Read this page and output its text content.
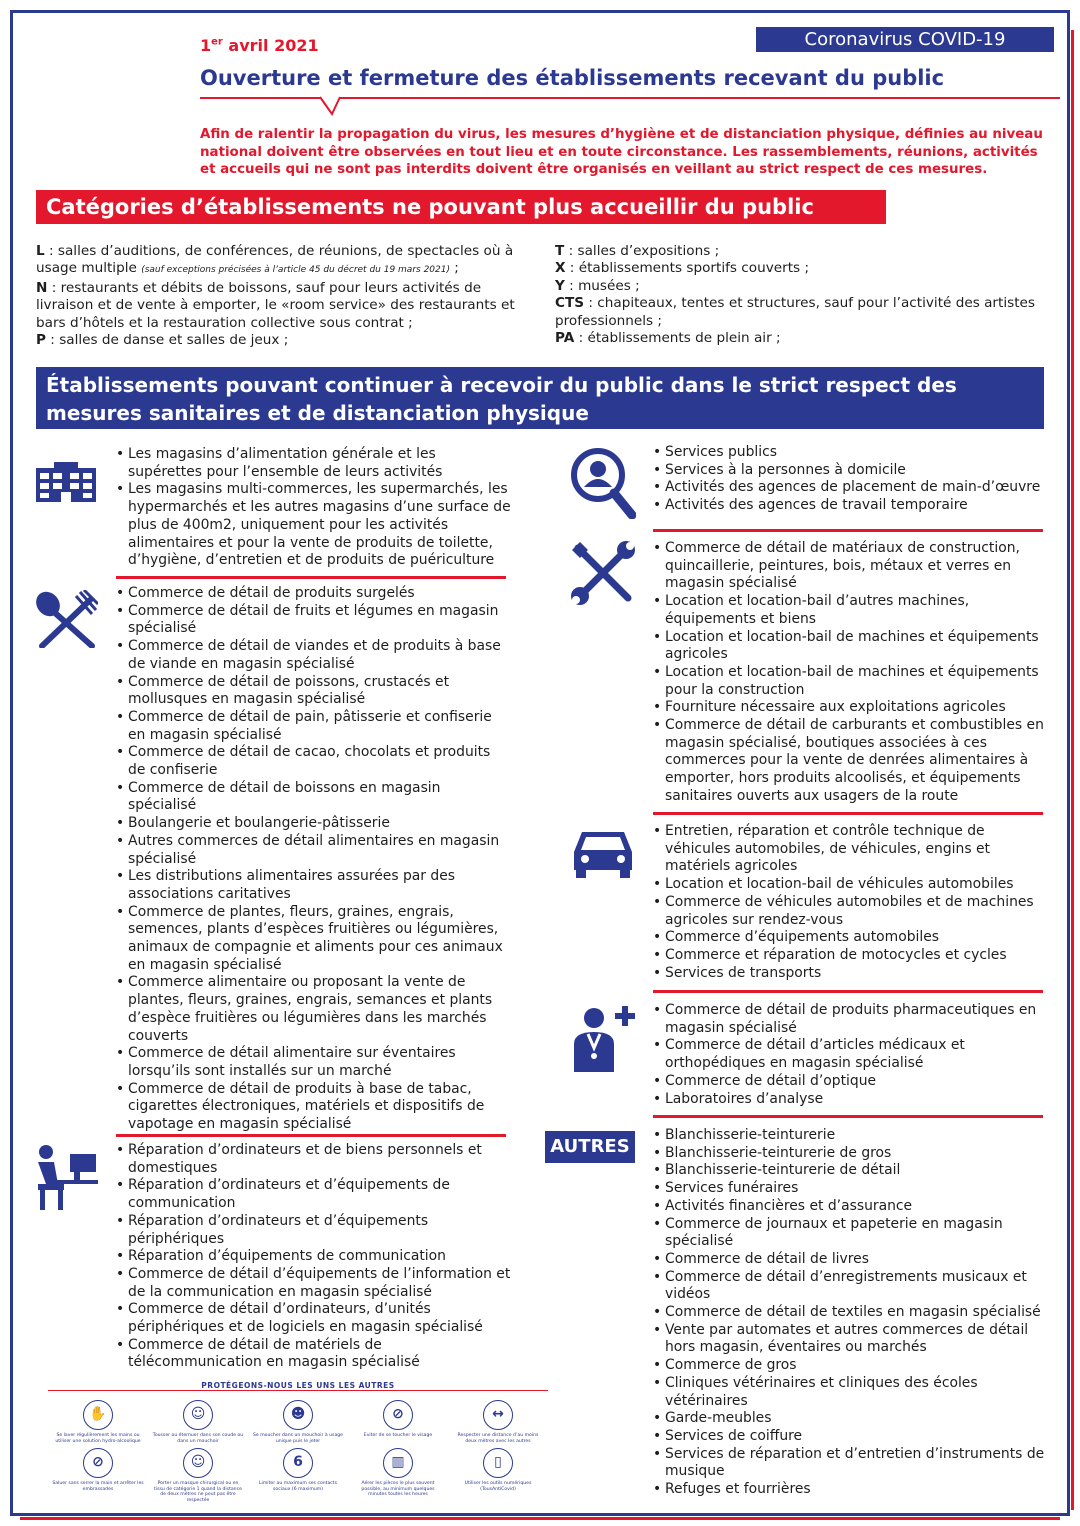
Coronavirus COVID-19
1er avril 2021
Ouverture et fermeture des établissements recevant du public
Afin de ralentir la propagation du virus, les mesures d’hygiène et de distanciation physique, définies au niveau national doivent être observées en tout lieu et en toute circonstance. Les rassemblements, réunions, activités et accueils qui ne sont pas interdits doivent être organisés en veillant au strict respect de ces mesures.
Catégories d’établissements ne pouvant plus accueillir du public
L : salles d’auditions, de conférences, de réunions, de spectacles où à usage multiple (sauf exceptions précisées à l’article 45 du décret du 19 mars 2021) ;
N : restaurants et débits de boissons, sauf pour leurs activités de livraison et de vente à emporter, le «room service» des restaurants et bars d’hôtels et la restauration collective sous contrat ;
P : salles de danse et salles de jeux ;
T : salles d’expositions ;
X : établissements sportifs couverts ;
Y : musées ;
CTS : chapiteaux, tentes et structures, sauf pour l’activité des artistes professionnels ;
PA : établissements de plein air ;
Établissements pouvant continuer à recevoir du public dans le strict respect des mesures sanitaires et de distanciation physique
• Les magasins d’alimentation générale et les supérettes pour l’ensemble de leurs activités
• Les magasins multi-commerces, les supermarchés, les hypermarchés et les autres magasins d’une surface de plus de 400m2, uniquement pour les activités alimentaires et pour la vente de produits de toilette, d’hygiène, d’entretien et de produits de puériculture
• Commerce de détail de produits surgelés
• Commerce de détail de fruits et légumes en magasin spécialisé
• Commerce de détail de viandes et de produits à base de viande en magasin spécialisé
• Commerce de détail de poissons, crustacés et mollusques en magasin spécialisé
• Commerce de détail de pain, pâtisserie et confiserie en magasin spécialisé
• Commerce de détail de cacao, chocolats et produits de confiserie
• Commerce de détail de boissons en magasin spécialisé
• Boulangerie et boulangerie-pâtisserie
• Autres commerces de détail alimentaires en magasin spécialisé
• Les distributions alimentaires assurées par des associations caritatives
• Commerce de plantes, fleurs, graines, engrais, semences, plants d’espèces fruitières ou légumières, animaux de compagnie et aliments pour ces animaux en magasin spécialisé
• Commerce alimentaire ou proposant la vente de plantes, fleurs, graines, engrais, semances et plants d’espèce fruitières ou légumières dans les marchés couverts
• Commerce de détail alimentaire sur éventaires lorsqu’ils sont installés sur un marché
• Commerce de détail de produits à base de tabac, cigarettes électroniques, matériels et dispositifs de vapotage en magasin spécialisé
• Réparation d’ordinateurs et de biens personnels et domestiques
• Réparation d’ordinateurs et d’équipements de communication
• Réparation d’ordinateurs et d’équipements périphériques
• Réparation d’équipements de communication
• Commerce de détail d’équipements de l’information et de la communication en magasin spécialisé
• Commerce de détail d’ordinateurs, d’unités périphériques et de logiciels en magasin spécialisé
• Commerce de détail de matériels de télécommunication en magasin spécialisé
• Services publics
• Services à la personnes à domicile
• Activités des agences de placement de main-d’œuvre
• Activités des agences de travail temporaire
• Commerce de détail de matériaux de construction, quincaillerie, peintures, bois, métaux et verres en magasin spécialisé
• Location et location-bail d’autres machines, équipements et biens
• Location et location-bail de machines et équipements agricoles
• Location et location-bail de machines et équipements pour la construction
• Fourniture nécessaire aux exploitations agricoles
• Commerce de détail de carburants et combustibles en magasin spécialisé, boutiques associées à ces commerces pour la vente de denrées alimentaires à emporter, hors produits alcoolisés, et équipements sanitaires ouverts aux usagers de la route
• Entretien, réparation et contrôle technique de véhicules automobiles, de véhicules, engins et matériels agricoles
• Location et location-bail de véhicules automobiles
• Commerce de véhicules automobiles et de machines agricoles sur rendez-vous
• Commerce d’équipements automobiles
• Commerce et réparation de motocycles et cycles
• Services de transports
• Commerce de détail de produits pharmaceutiques en magasin spécialisé
• Commerce de détail d’articles médicaux et orthopédiques en magasin spécialisé
• Commerce de détail d’optique
• Laboratoires d’analyse
AUTRES
• Blanchisserie-teinturerie
• Blanchisserie-teinturerie de gros
• Blanchisserie-teinturerie de détail
• Services funéraires
• Activités financières et d’assurance
• Commerce de journaux et papeterie en magasin spécialisé
• Commerce de détail de livres
• Commerce de détail d’enregistrements musicaux et vidéos
• Commerce de détail de textiles en magasin spécialisé
• Vente par automates et autres commerces de détail hors magasin, éventaires ou marchés
• Commerce de gros
• Cliniques vétérinaires et cliniques des écoles vétérinaires
• Garde-meubles
• Services de coiffure
• Services de réparation et d’entretien d’instruments de musique
• Refuges et fourrières
PROTÉGEONS-NOUS LES UNS LES AUTRES
✋
Se laver régulièrement les mains ou utiliser une solution hydro-alcoolique
☺
Tousser ou éternuer dans son coude ou dans un mouchoir
☻
Se moucher dans un mouchoir à usage unique puis le jeter
⊘
Eviter de se toucher le visage
↔
Respecter une distance d’au moins deux mètres avec les autres
⊘
Saluer sans serrer la main et arrêter les embrassades
☺
Porter un masque chirurgical ou en tissu de catégorie 1 quand la distance de deux mètres ne peut pas être respectée
6
Limiter au maximum ses contacts sociaux (6 maximum)
▥
Aérer les pièces le plus souvent possible, au minimum quelques minutes toutes les heures
▯
Utiliser les outils numériques (TousAntiCovid)
